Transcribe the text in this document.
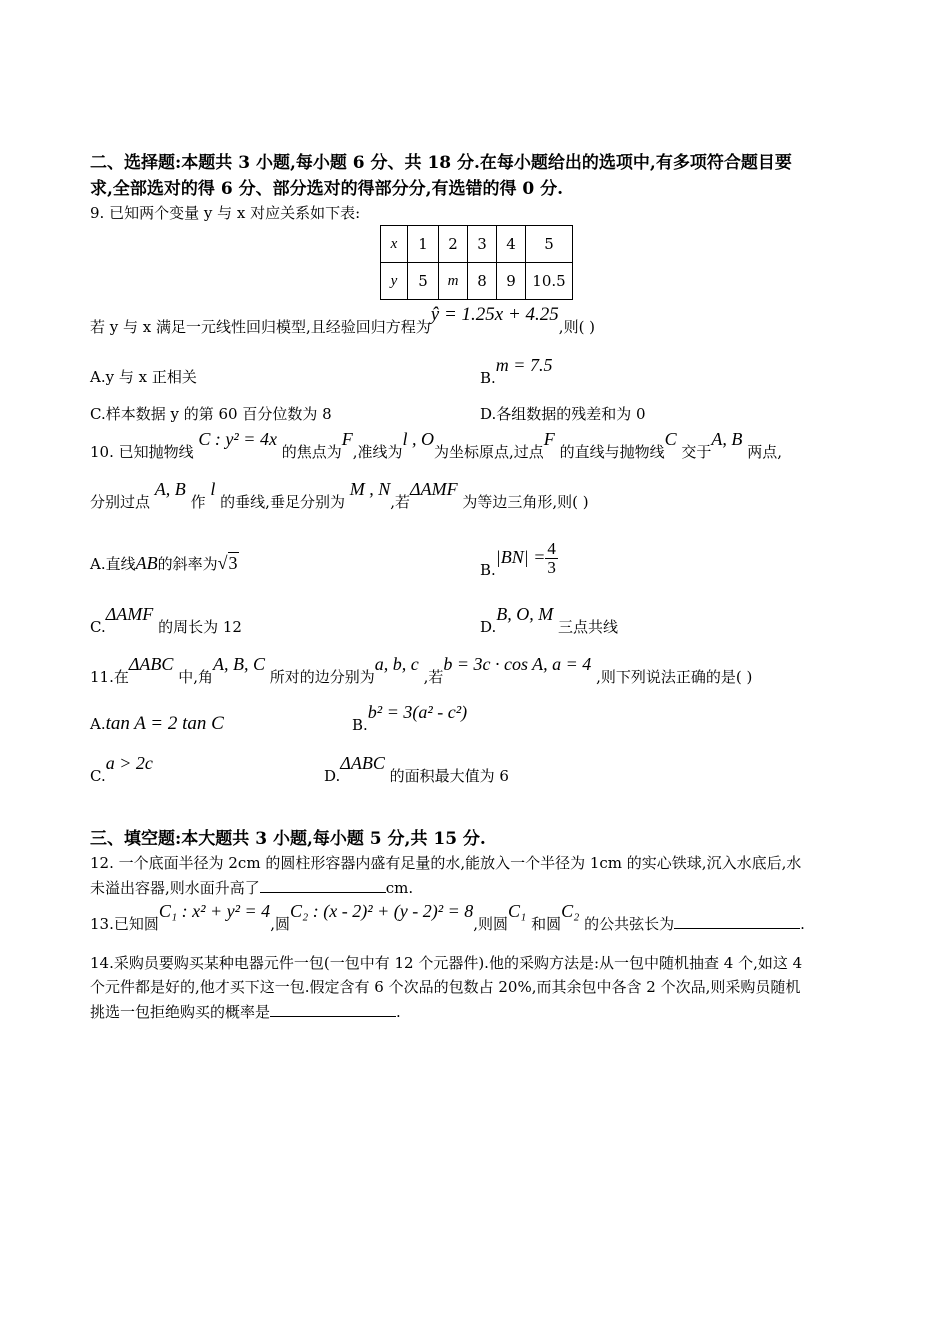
二、选择题:本题共 3 小题,每小题 6 分、共 18 分.在每小题给出的选项中,有多项符合题目要
求,全部选对的得 6 分、部分选对的得部分分,有选错的得 0 分.
9. 已知两个变量 y 与 x 对应关系如下表:
x	1	2	3	4	5
y	5	m	8	9	10.5
若 y 与 x 满足一元线性回归模型,且经验回归方程为ŷ = 1.25x + 4.25,则( )
A.y 与 x 正相关	B.m = 7.5
C.样本数据 y 的第 60 百分位数为 8	D.各组数据的残差和为 0
10. 已知抛物线 C : y² = 4x 的焦点为F,准线为l , O为坐标原点,过点F 的直线与抛物线C 交于A, B 两点,
分别过点 A, B 作 l 的垂线,垂足分别为 M , N,若ΔAMF 为等边三角形,则( )
A.直线AB的斜率为√3	$B.|BN| = \frac{4}{3}$
C.ΔAMF 的周长为 12	D.B, O, M 三点共线
11.在ΔABC 中,角A, B, C 所对的边分别为a, b, c ,若b = 3c · cos A, a = 4 ,则下列说法正确的是( )
A.tan A = 2 tan C	B.b² = 3(a² - c²)
C.a > 2c
D.ΔABC 的面积最大值为 6
三、填空题:本大题共 3 小题,每小题 5 分,共 15 分.
12. 一个底面半径为 2cm 的圆柱形容器内盛有足量的水,能放入一个半径为 1cm 的实心铁球,沉入水底后,水
未溢出容器,则水面升高了	cm.
13.已知圆C₁ : x² + y² = 4,圆C₂ : (x - 2)² + (y - 2)² = 8,则圆C₁ 和圆C₂ 的公共弦长为	.
14.采购员要购买某种电器元件一包(一包中有 12 个元器件).他的采购方法是:从一包中随机抽查 4 个,如这 4
个元件都是好的,他才买下这一包.假定含有 6 个次品的包数占 20%,而其余包中各含 2 个次品,则采购员随机
挑选一包拒绝购买的概率是	.
